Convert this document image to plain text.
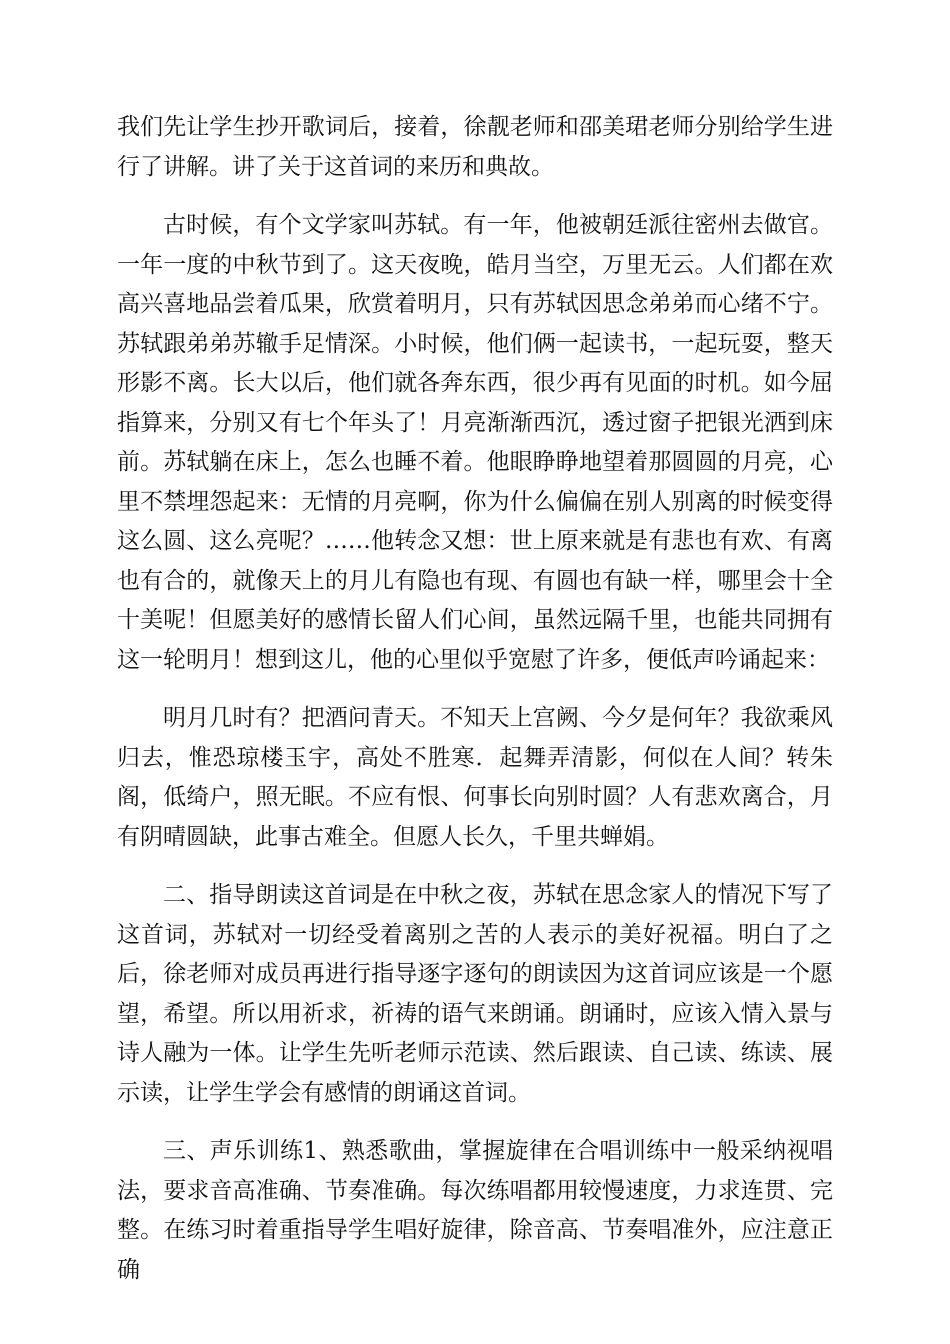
我们先让学生抄开歌词后，接着，徐靓老师和邵美珺老师分别给学生进行了讲解。讲了关于这首词的来历和典故。

古时候，有个文学家叫苏轼。有一年，他被朝廷派往密州去做官。一年一度的中秋节到了。这天夜晚，皓月当空，万里无云。人们都在欢高兴喜地品尝着瓜果，欣赏着明月，只有苏轼因思念弟弟而心绪不宁。苏轼跟弟弟苏辙手足情深。小时候，他们俩一起读书，一起玩耍，整天形影不离。长大以后，他们就各奔东西，很少再有见面的时机。如今屈指算来，分别又有七个年头了！月亮渐渐西沉，透过窗子把银光洒到床前。苏轼躺在床上，怎么也睡不着。他眼睁睁地望着那圆圆的月亮，心里不禁埋怨起来：无情的月亮啊，你为什么偏偏在别人别离的时候变得这么圆、这么亮呢？……他转念又想：世上原来就是有悲也有欢、有离也有合的，就像天上的月儿有隐也有现、有圆也有缺一样，哪里会十全十美呢！但愿美好的感情长留人们心间，虽然远隔千里，也能共同拥有这一轮明月！想到这儿，他的心里似乎宽慰了许多，便低声吟诵起来：

明月几时有？把酒问青天。不知天上宫阙、今夕是何年？我欲乘风归去，惟恐琼楼玉宇，高处不胜寒．起舞弄清影，何似在人间？转朱阁，低绮户，照无眠。不应有恨、何事长向别时圆？人有悲欢离合，月有阴晴圆缺，此事古难全。但愿人长久，千里共蝉娟。

二、指导朗读这首词是在中秋之夜，苏轼在思念家人的情况下写了这首词，苏轼对一切经受着离别之苦的人表示的美好祝福。明白了之后，徐老师对成员再进行指导逐字逐句的朗读因为这首词应该是一个愿望，希望。所以用祈求，祈祷的语气来朗诵。朗诵时，应该入情入景与诗人融为一体。让学生先听老师示范读、然后跟读、自己读、练读、展示读，让学生学会有感情的朗诵这首词。

三、声乐训练1、熟悉歌曲，掌握旋律在合唱训练中一般采纳视唱法，要求音高准确、节奏准确。每次练唱都用较慢速度，力求连贯、完整。在练习时着重指导学生唱好旋律，除音高、节奏唱准外，应注意正确
